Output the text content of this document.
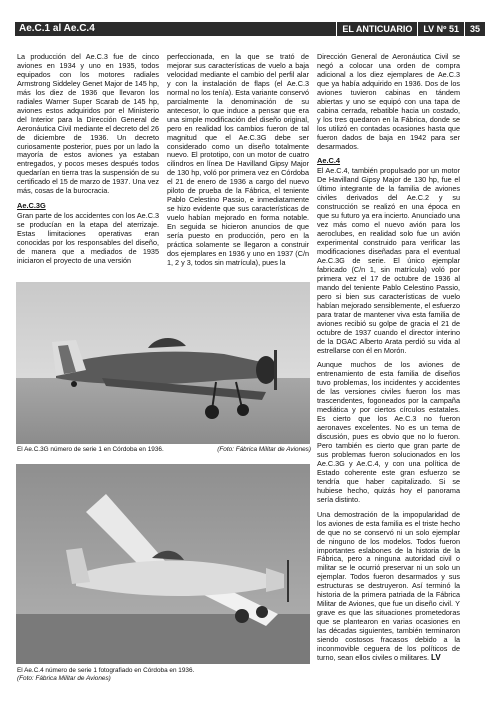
Ae.C.1 al Ae.C.4	EL ANTICUARIO	LV Nº 51	35

La producción del Ae.C.3 fue de cinco aviones en 1934 y uno en 1935, todos equipados con los motores radiales Armstrong Siddeley Genet Major de 145 hp, más los diez de 1936 que llevaron los radiales Warner Super Scarab de 145 hp, aviones estos adquiridos por el Ministerio del Interior para la Dirección General de Aeronáutica Civil mediante el decreto del 26 de diciembre de 1936. Un decreto curiosamente posterior, pues por un lado la mayoría de estos aviones ya estaban entregados, y pocos meses después todos quedarían en tierra tras la suspensión de su certificado el 15 de marzo de 1937. Una vez más, cosas de la burocracia.

Ae.C.3G

Gran parte de los accidentes con los Ae.C.3 se producían en la etapa del aterrizaje. Estas limitaciones operativas eran conocidas por los responsables del diseño, de manera que a mediados de 1935 iniciaron el proyecto de una versión

perfeccionada, en la que se trató de mejorar sus características de vuelo a baja velocidad mediante el cambio del perfil alar y con la instalación de flaps (el Ae.C.3 normal no los tenía). Esta variante conservó parcialmente la denominación de su antecesor, lo que induce a pensar que era una simple modificación del diseño original, pero en realidad los cambios fueron de tal magnitud que el Ae.C.3G debe ser considerado como un diseño totalmente nuevo. El prototipo, con un motor de cuatro cilindros en línea De Havilland Gipsy Major de 130 hp, voló por primera vez en Córdoba el 21 de enero de 1936 a cargo del nuevo piloto de prueba de la Fábrica, el teniente Pablo Celestino Passio, e inmediatamente se hizo evidente que sus características de vuelo habían mejorado en forma notable. En seguida se hicieron anuncios de que sería puesto en producción, pero en la práctica solamente se llegaron a construir dos ejemplares en 1936 y uno en 1937 (C/n 1, 2 y 3, todos sin matrícula), pues la

Dirección General de Aeronáutica Civil se negó a colocar una orden de compra adicional a los diez ejemplares de Ae.C.3 que ya había adquirido en 1936. Dos de los aviones tuvieron cabinas en tándem abiertas y uno se equipó con una tapa de cabina cerrada, rebatible hacia un costado, y los tres quedaron en la Fábrica, donde se los utilizó en contadas ocasiones hasta que fueron dados de baja en 1942 para ser desarmados.

Ae.C.4

El Ae.C.4, también propulsado por un motor De Havilland Gipsy Major de 130 hp, fue el último integrante de la familia de aviones civiles derivados del Ae.C.2 y su construcción se realizó en una época en que su futuro ya era incierto. Anunciado una vez más como el nuevo avión para los aeroclubes, en realidad solo fue un avión experimental construido para verificar las modificaciones diseñadas para el eventual Ae.C.3G de serie. El único ejemplar fabricado (C/n 1, sin matrícula) voló por primera vez el 17 de octubre de 1936 al mando del teniente Pablo Celestino Passio, pero si bien sus características de vuelo habían mejorado sensiblemente, el esfuerzo para tratar de mantener viva esta familia de aviones recibió su golpe de gracia el 21 de octubre de 1937 cuando el director interino de la DGAC Alberto Arata perdió su vida al estrellarse con él en Morón.

Aunque muchos de los aviones de entrenamiento de esta familia de diseños tuvo problemas, los incidentes y accidentes de las versiones civiles fueron los mas trascendentes, fogoneados por la campaña mediática y por ciertos círculos estatales. Es cierto que los Ae.C.3 no fueron aeronaves excelentes. No es un tema de discusión, pues es obvio que no lo fueron. Pero también es cierto que gran parte de sus problemas fueron solucionados en los Ae.C.3G y Ae.C.4, y con una política de Estado coherente este gran esfuerzo se tendría que haber capitalizado. Si se hubiese hecho, quizás hoy el panorama sería distinto.

Una demostración de la impopularidad de los aviones de esta familia es el triste hecho de que no se conservó ni un solo ejemplar de ninguno de los modelos. Todos fueron importantes eslabones de la historia de la Fábrica, pero a ninguna autoridad civil o militar se le ocurrió preservar ni un solo un ejemplar. Todos fueron desarmados y sus estructuras se destruyeron. Así terminó la historia de la primera patriada de la Fábrica Militar de Aviones, que fue un diseño civil. Y grave es que las situaciones prometedoras que se plantearon en varias ocasiones en las décadas siguientes, también terminaron siendo costosos fracasos debido a la inconmovible ceguera de los políticos de turno, sean ellos civiles o militares. LV

El Ae.C.3G número de serie 1 en Córdoba en 1936.	(Foto: Fábrica Militar de Aviones)
El Ae.C.4 número de serie 1 fotografiado en Córdoba en 1936.
(Foto: Fábrica Militar de Aviones)
